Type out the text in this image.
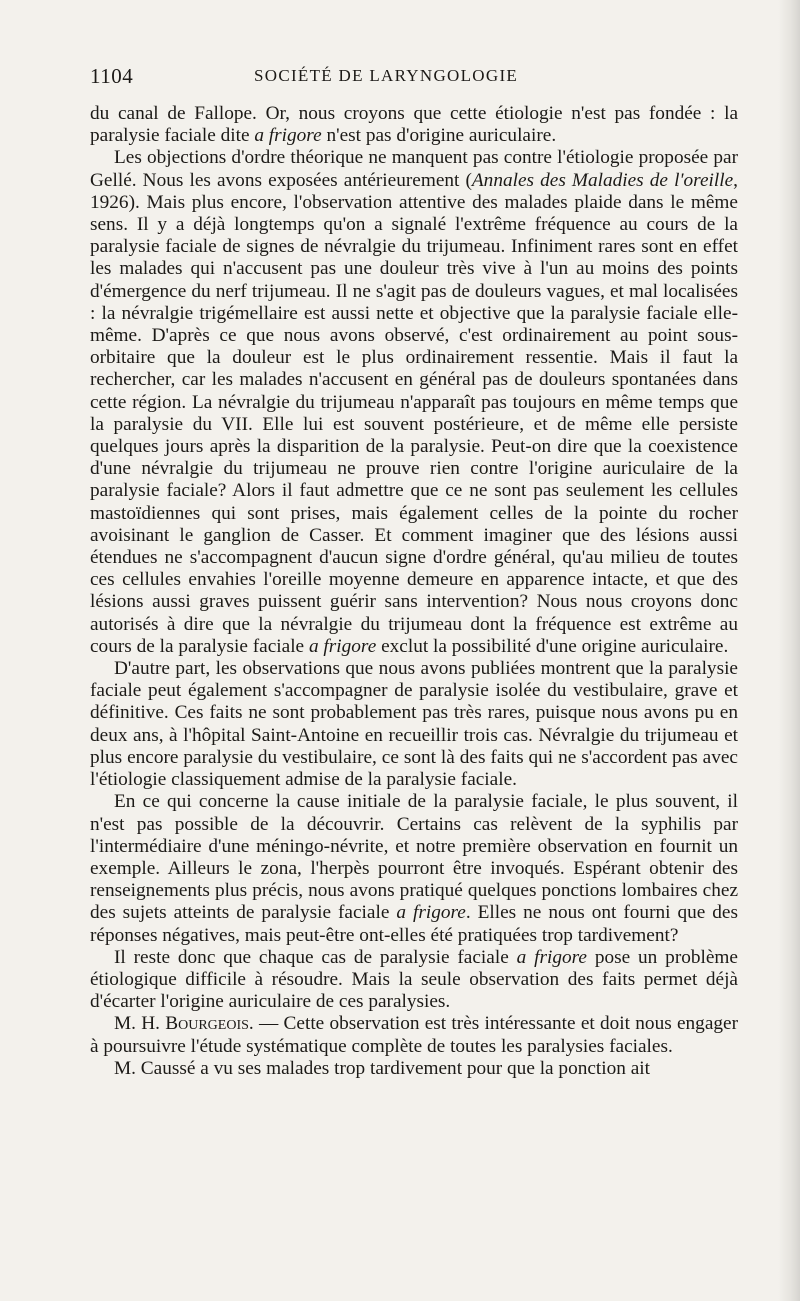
1104	SOCIÉTÉ DE LARYNGOLOGIE

du canal de Fallope. Or, nous croyons que cette étiologie n'est pas fondée : la paralysie faciale dite a frigore n'est pas d'origine auriculaire.

Les objections d'ordre théorique ne manquent pas contre l'étiologie proposée par Gellé. Nous les avons exposées antérieurement (Annales des Maladies de l'oreille, 1926). Mais plus encore, l'observation attentive des malades plaide dans le même sens. Il y a déjà longtemps qu'on a signalé l'extrême fréquence au cours de la paralysie faciale de signes de névralgie du trijumeau. Infiniment rares sont en effet les malades qui n'accusent pas une douleur très vive à l'un au moins des points d'émergence du nerf trijumeau. Il ne s'agit pas de douleurs vagues, et mal localisées : la névralgie trigémellaire est aussi nette et objective que la paralysie faciale elle-même. D'après ce que nous avons observé, c'est ordinairement au point sous-orbitaire que la douleur est le plus ordinairement ressentie. Mais il faut la rechercher, car les malades n'accusent en général pas de douleurs spontanées dans cette région. La névralgie du trijumeau n'apparaît pas toujours en même temps que la paralysie du VII. Elle lui est souvent postérieure, et de même elle persiste quelques jours après la disparition de la paralysie. Peut-on dire que la coexistence d'une névralgie du trijumeau ne prouve rien contre l'origine auriculaire de la paralysie faciale? Alors il faut admettre que ce ne sont pas seulement les cellules mastoïdiennes qui sont prises, mais également celles de la pointe du rocher avoisinant le ganglion de Casser. Et comment imaginer que des lésions aussi étendues ne s'accompagnent d'aucun signe d'ordre général, qu'au milieu de toutes ces cellules envahies l'oreille moyenne demeure en apparence intacte, et que des lésions aussi graves puissent guérir sans intervention? Nous nous croyons donc autorisés à dire que la névralgie du trijumeau dont la fréquence est extrême au cours de la paralysie faciale a frigore exclut la possibilité d'une origine auriculaire.

D'autre part, les observations que nous avons publiées montrent que la paralysie faciale peut également s'accompagner de paralysie isolée du vestibulaire, grave et définitive. Ces faits ne sont probablement pas très rares, puisque nous avons pu en deux ans, à l'hôpital Saint-Antoine en recueillir trois cas. Névralgie du trijumeau et plus encore paralysie du vestibulaire, ce sont là des faits qui ne s'accordent pas avec l'étiologie classiquement admise de la paralysie faciale.

En ce qui concerne la cause initiale de la paralysie faciale, le plus souvent, il n'est pas possible de la découvrir. Certains cas relèvent de la syphilis par l'intermédiaire d'une méningo-névrite, et notre première observation en fournit un exemple. Ailleurs le zona, l'herpès pourront être invoqués. Espérant obtenir des renseignements plus précis, nous avons pratiqué quelques ponctions lombaires chez des sujets atteints de paralysie faciale a frigore. Elles ne nous ont fourni que des réponses négatives, mais peut-être ont-elles été pratiquées trop tardivement?

Il reste donc que chaque cas de paralysie faciale a frigore pose un problème étiologique difficile à résoudre. Mais la seule observation des faits permet déjà d'écarter l'origine auriculaire de ces paralysies.

M. H. Bourgeois. — Cette observation est très intéressante et doit nous engager à poursuivre l'étude systématique complète de toutes les paralysies faciales.

M. Caussé a vu ses malades trop tardivement pour que la ponction ait
